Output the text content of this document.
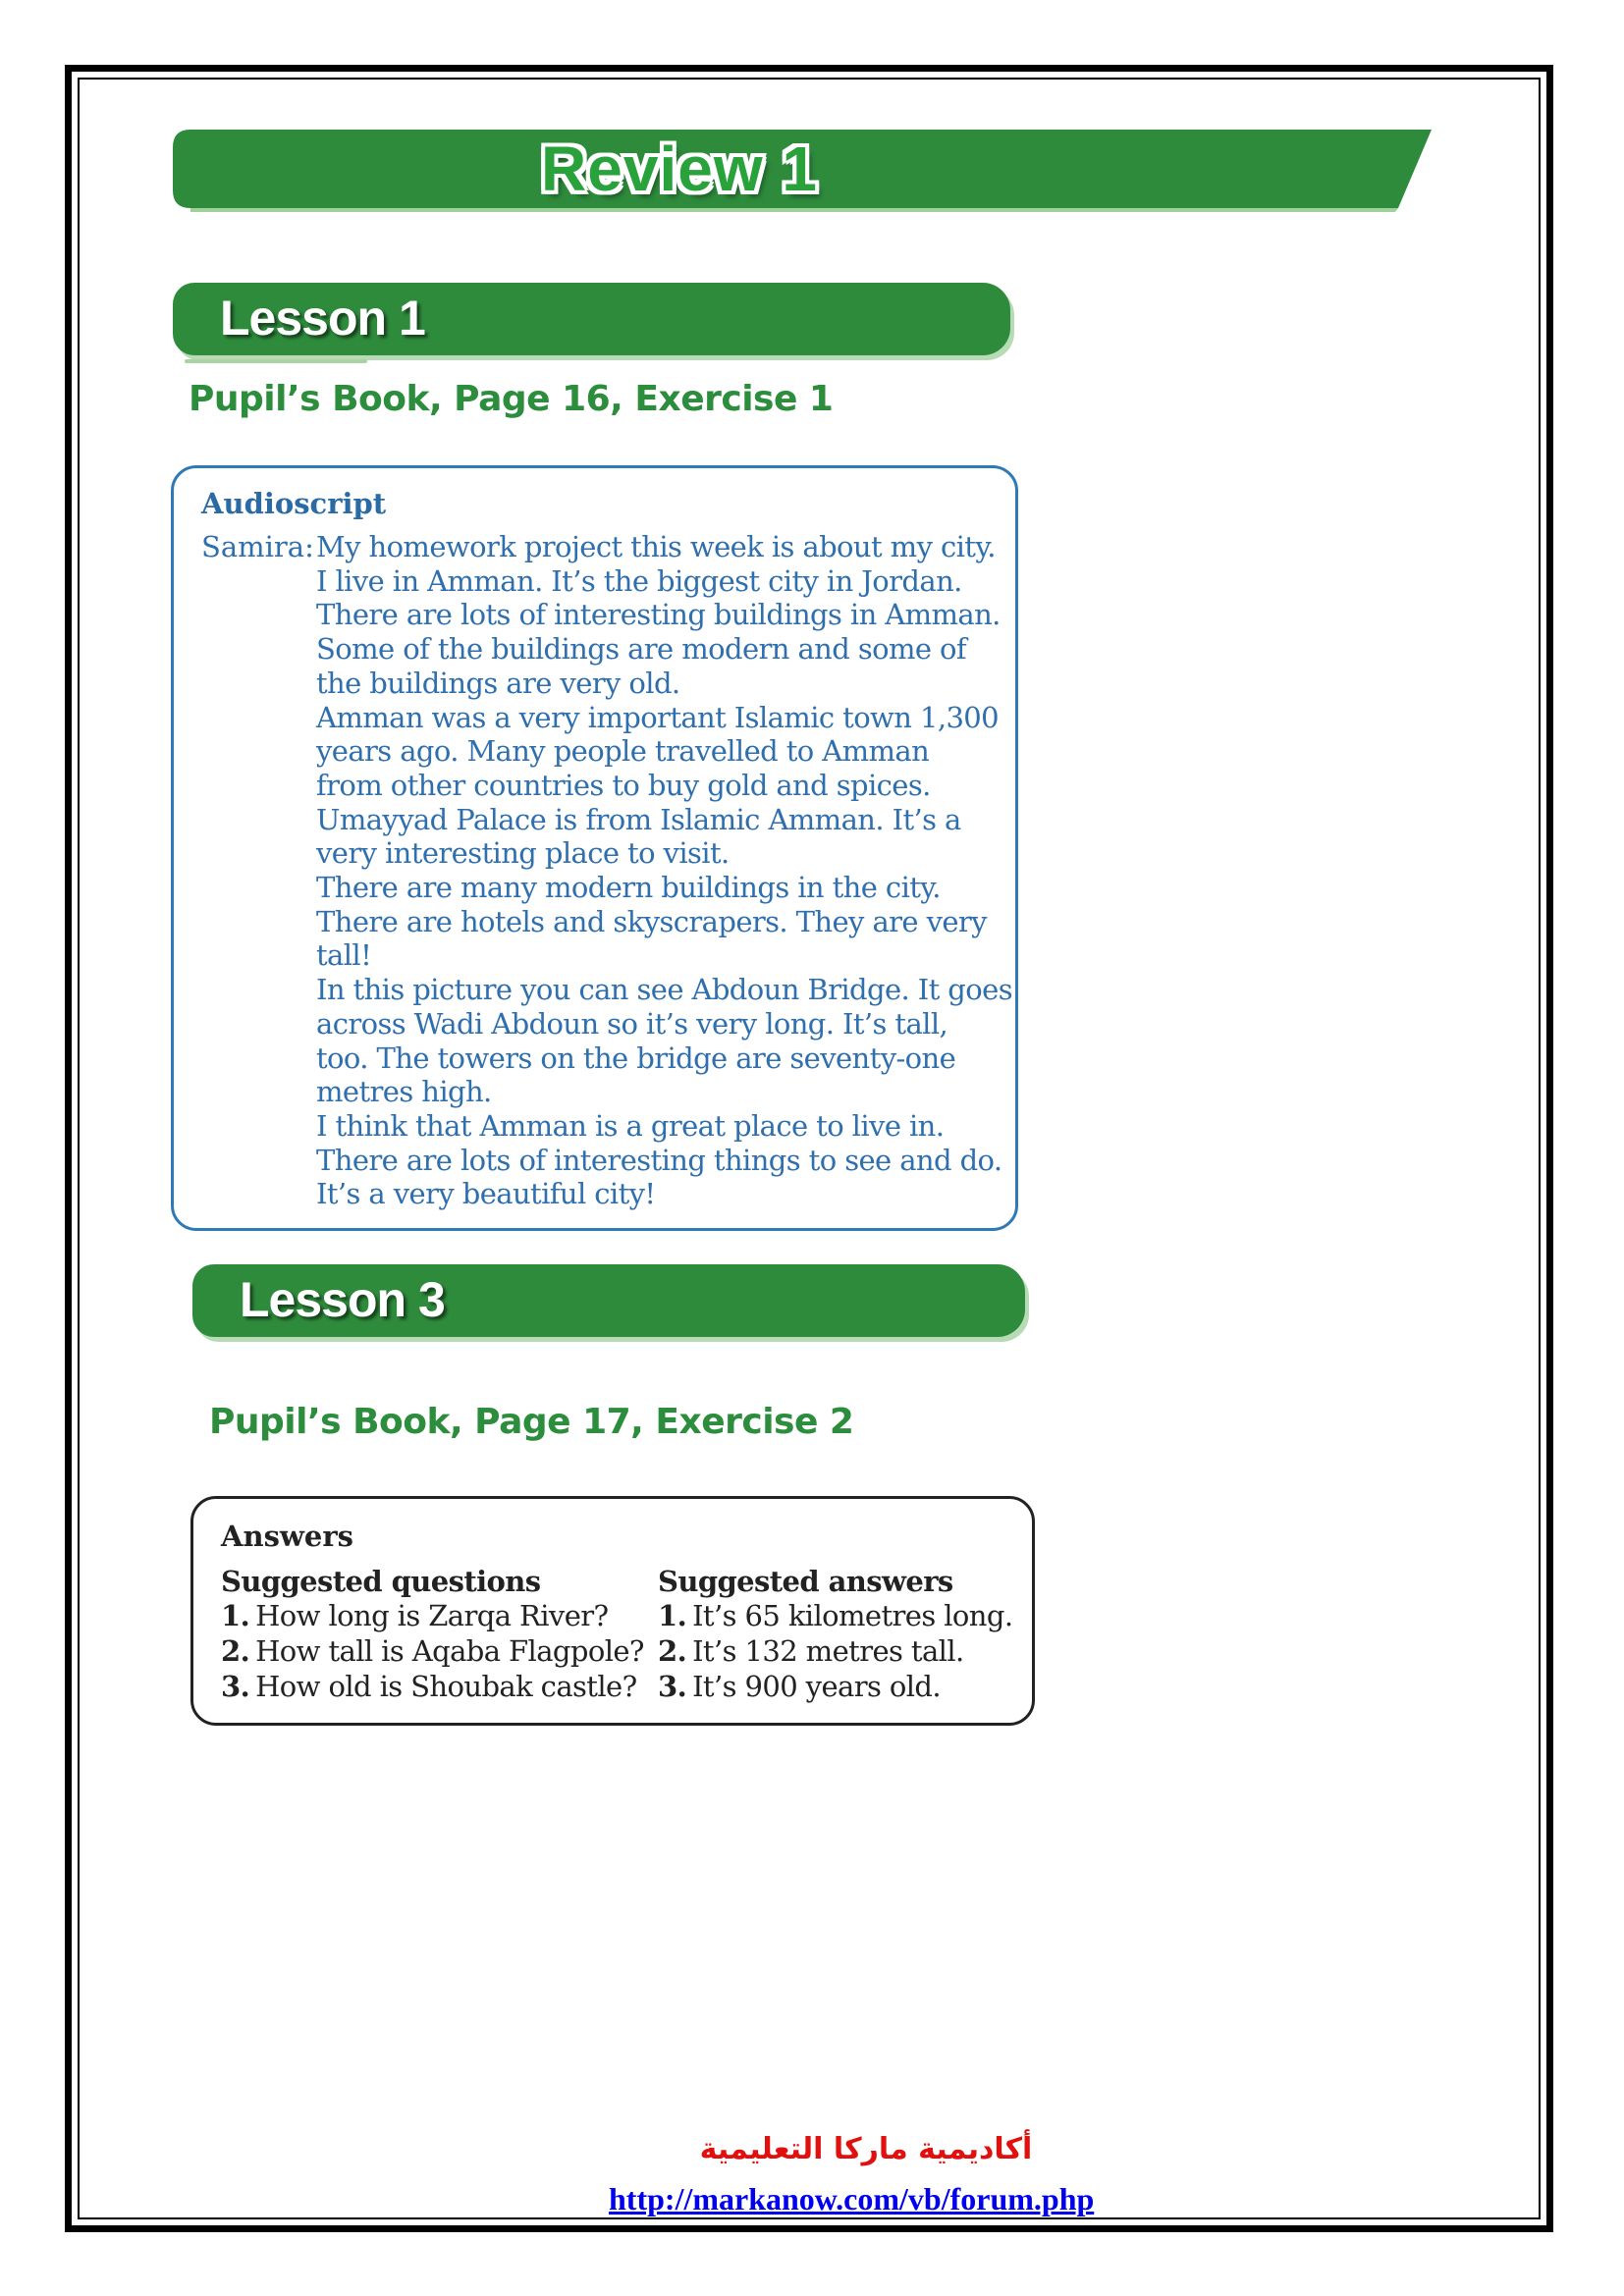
Review 1
Lesson 1
Pupil’s Book, Page 16, Exercise 1
Audioscript
Samira: My homework project this week is about my city.
I live in Amman. It’s the biggest city in Jordan.
There are lots of interesting buildings in Amman.
Some of the buildings are modern and some of
the buildings are very old.
Amman was a very important Islamic town 1,300
years ago. Many people travelled to Amman
from other countries to buy gold and spices.
Umayyad Palace is from Islamic Amman. It’s a
very interesting place to visit.
There are many modern buildings in the city.
There are hotels and skyscrapers. They are very
tall!
In this picture you can see Abdoun Bridge. It goes
across Wadi Abdoun so it’s very long. It’s tall,
too. The towers on the bridge are seventy-one
metres high.
I think that Amman is a great place to live in.
There are lots of interesting things to see and do.
It’s a very beautiful city!
Lesson 3
Pupil’s Book, Page 17, Exercise 2
Answers
Suggested questions
1. How long is Zarqa River?
2. How tall is Aqaba Flagpole?
3. How old is Shoubak castle?
Suggested answers
1. It’s 65 kilometres long.
2. It’s 132 metres tall.
3. It’s 900 years old.
أكاديمية ماركا التعليمية
http://markanow.com/vb/forum.php
